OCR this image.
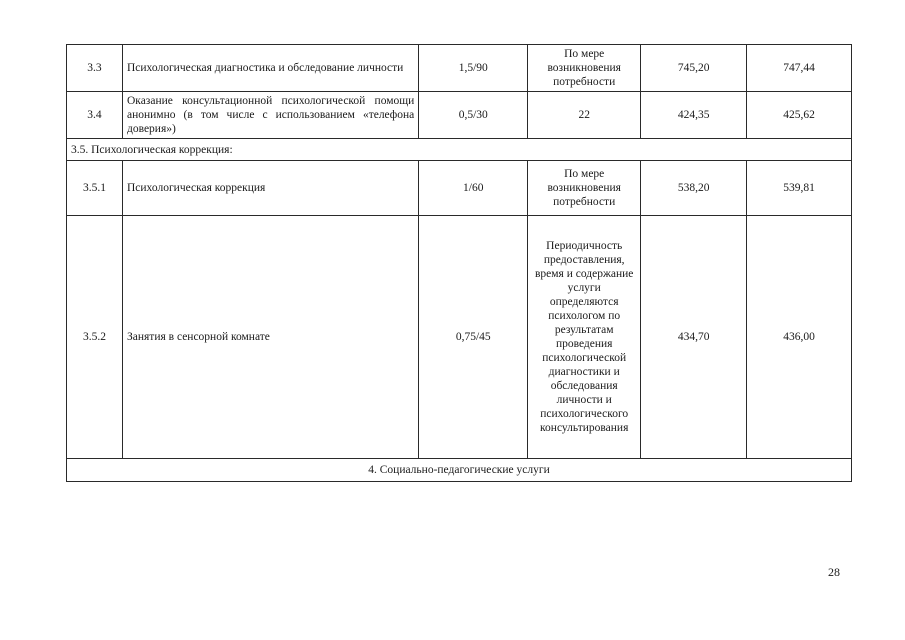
3.3	Психологическая диагностика и обследование личности	1,5/90	По мере возникновения потребности	745,20	747,44
3.4	Оказание консультационной психологической помощи анонимно (в том числе с использованием «телефона доверия»)	0,5/30	22	424,35	425,62
3.5. Психологическая коррекция:					
3.5.1	Психологическая коррекция	1/60	По мере возникновения потребности	538,20	539,81
3.5.2	Занятия в сенсорной комнате	0,75/45	Периодичность предоставления, время и содержание услуги определяются психологом по результатам проведения психологической диагностики и обследования личности и психологического консультирования	434,70	436,00
4. Социально-педагогические услуги					
28
